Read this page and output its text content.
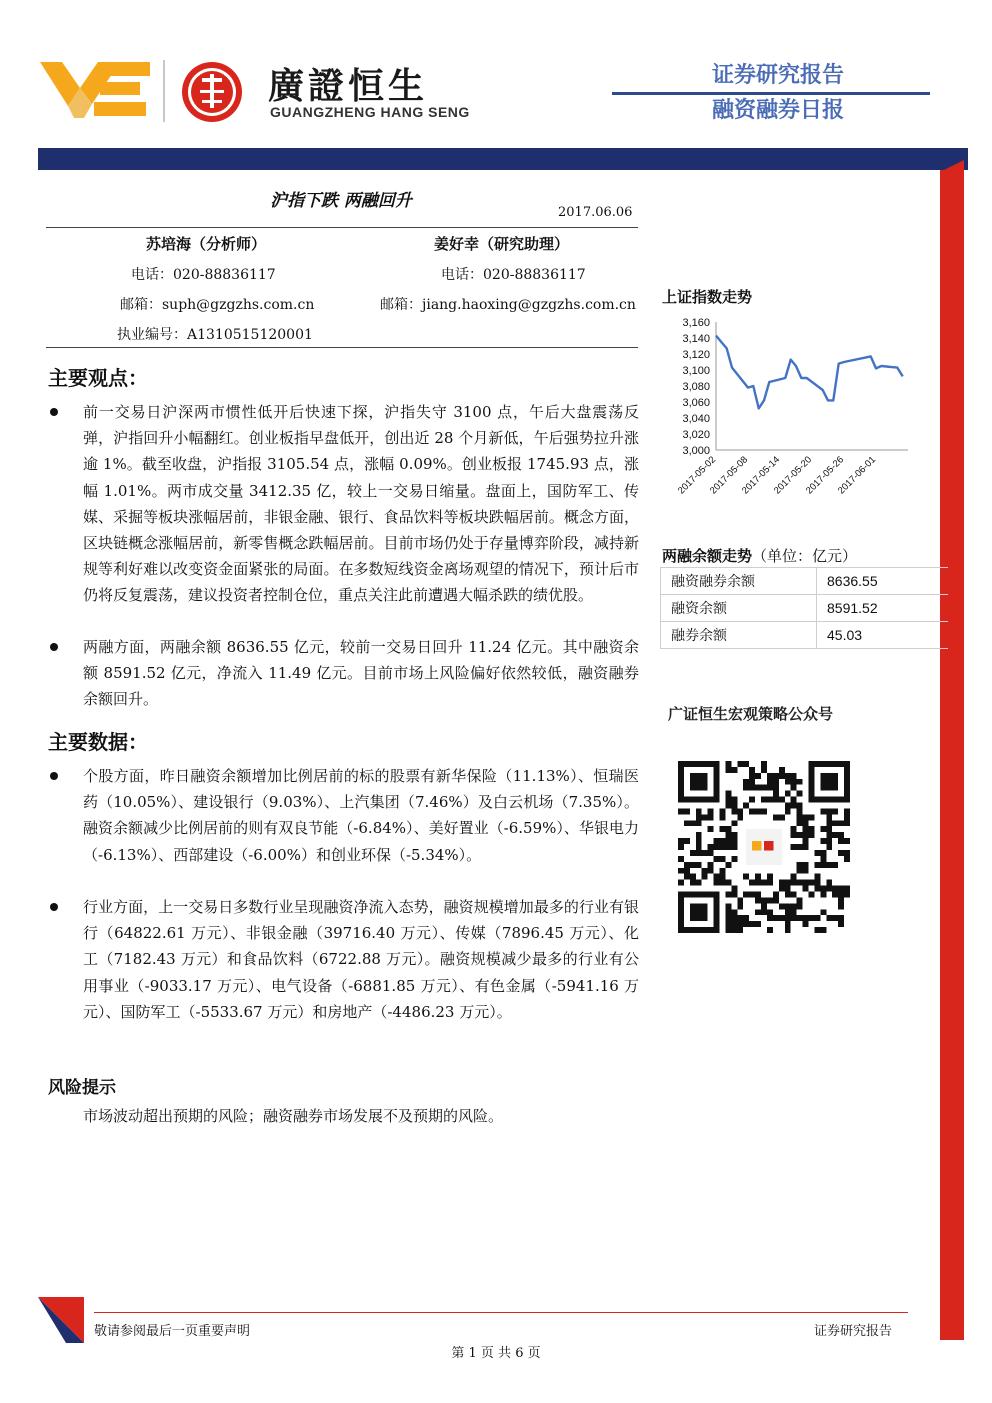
廣證恒生
GUANGZHENG HANG SENG
证券研究报告
融资融券日报
沪指下跌 两融回升
2017.06.06
苏培海（分析师）	姜好幸（研究助理）
电话：020-88836117	电话：020-88836117
邮箱：suph@gzgzhs.com.cn	邮箱：jiang.haoxing@gzgzhs.com.cn
执业编号：A1310515120001
主要观点：
前一交易日沪深两市惯性低开后快速下探，沪指失守 3100 点，午后大盘震荡反弹，沪指回升小幅翻红。创业板指早盘低开，创出近 28 个月新低，午后强势拉升涨逾 1%。截至收盘，沪指报 3105.54 点，涨幅 0.09%。创业板报 1745.93 点，涨幅 1.01%。两市成交量 3412.35 亿，较上一交易日缩量。盘面上，国防军工、传媒、采掘等板块涨幅居前，非银金融、银行、食品饮料等板块跌幅居前。概念方面，区块链概念涨幅居前，新零售概念跌幅居前。目前市场仍处于存量博弈阶段，减持新规等利好难以改变资金面紧张的局面。在多数短线资金离场观望的情况下，预计后市仍将反复震荡，建议投资者控制仓位，重点关注此前遭遇大幅杀跌的绩优股。
两融方面，两融余额 8636.55 亿元，较前一交易日回升 11.24 亿元。其中融资余额 8591.52 亿元，净流入 11.49 亿元。目前市场上风险偏好依然较低，融资融券余额回升。
主要数据：
个股方面，昨日融资余额增加比例居前的标的股票有新华保险（11.13%）、恒瑞医药（10.05%）、建设银行（9.03%）、上汽集团（7.46%）及白云机场（7.35%）。融资余额减少比例居前的则有双良节能（-6.84%）、美好置业（-6.59%）、华银电力（-6.13%）、西部建设（-6.00%）和创业环保（-5.34%）。
行业方面，上一交易日多数行业呈现融资净流入态势，融资规模增加最多的行业有银行（64822.61 万元）、非银金融（39716.40 万元）、传媒（7896.45 万元）、化工（7182.43 万元）和食品饮料（6722.88 万元）。融资规模减少最多的行业有公用事业（-9033.17 万元）、电气设备（-6881.85 万元）、有色金属（-5941.16 万元）、国防军工（-5533.67 万元）和房地产（-4486.23 万元）。
风险提示
市场波动超出预期的风险；融资融券市场发展不及预期的风险。
上证指数走势
3,160
3,140
3,120
3,100
3,080
3,060
3,040
3,020
3,000
2017-05-02
2017-05-08
2017-05-14
2017-05-20
2017-05-26
2017-06-01
两融余额走势（单位：亿元）
融资融券余额	8636.55
融资余额	8591.52
融券余额	45.03
广证恒生宏观策略公众号
敬请参阅最后一页重要声明	证券研究报告
第 1 页 共 6 页
